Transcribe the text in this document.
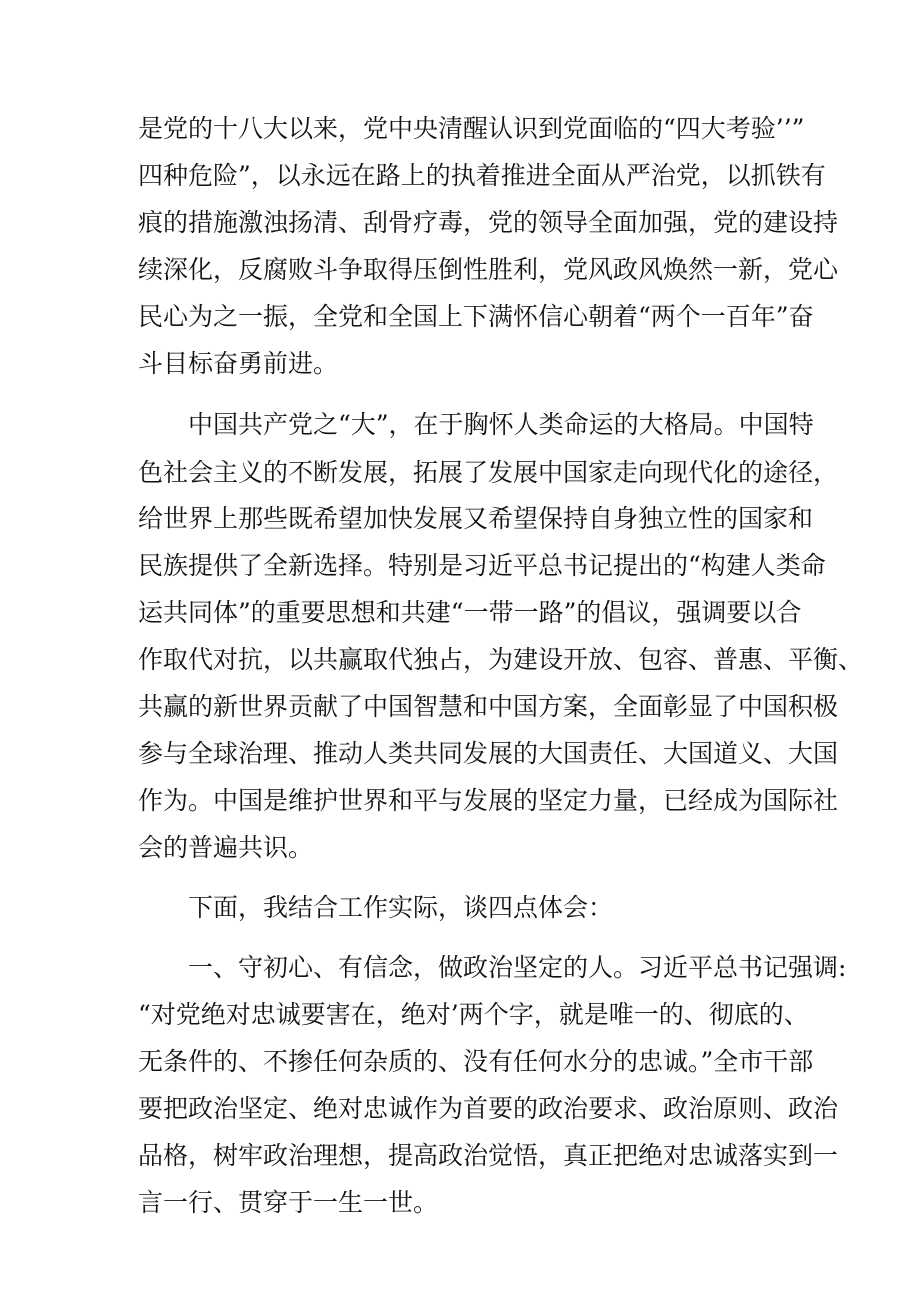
是党的十八大以来，党中央清醒认识到党面临的“四大考验’’”
四种危险”，以永远在路上的执着推进全面从严治党，以抓铁有
痕的措施激浊扬清、刮骨疗毒，党的领导全面加强，党的建设持
续深化，反腐败斗争取得压倒性胜利，党风政风焕然一新，党心
民心为之一振，全党和全国上下满怀信心朝着“两个一百年”奋
斗目标奋勇前进。
中国共产党之“大”，在于胸怀人类命运的大格局。中国特
色社会主义的不断发展，拓展了发展中国家走向现代化的途径，
给世界上那些既希望加快发展又希望保持自身独立性的国家和
民族提供了全新选择。特别是习近平总书记提出的“构建人类命
运共同体”的重要思想和共建“一带一路”的倡议，强调要以合
作取代对抗，以共赢取代独占，为建设开放、包容、普惠、平衡、
共赢的新世界贡献了中国智慧和中国方案，全面彰显了中国积极
参与全球治理、推动人类共同发展的大国责任、大国道义、大国
作为。中国是维护世界和平与发展的坚定力量，已经成为国际社
会的普遍共识。
下面，我结合工作实际，谈四点体会：
一、守初心、有信念，做政治坚定的人。习近平总书记强调:
“对党绝对忠诚要害在，绝对’两个字，就是唯一的、彻底的、
无条件的、不掺任何杂质的、没有任何水分的忠诚。”全市干部
要把政治坚定、绝对忠诚作为首要的政治要求、政治原则、政治
品格，树牢政治理想，提高政治觉悟，真正把绝对忠诚落实到一
言一行、贯穿于一生一世。
